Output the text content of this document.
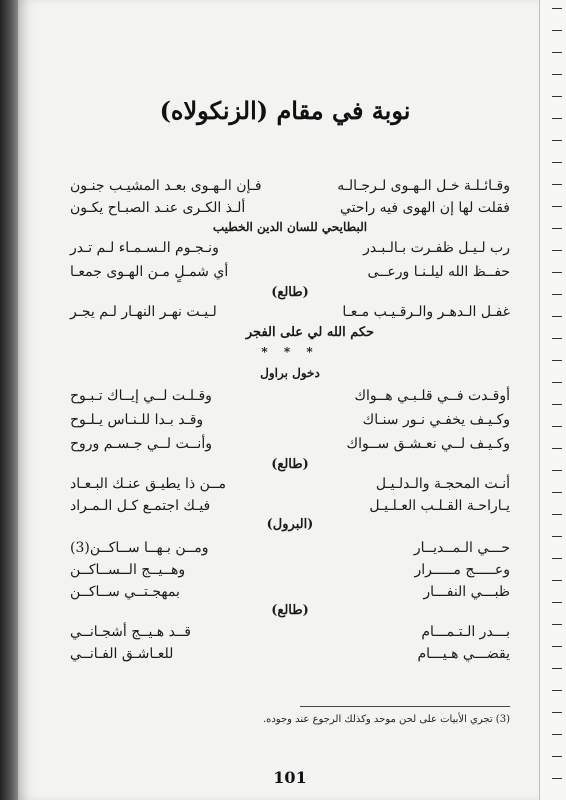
نوبة في مقام (الزنكولاه)
وقـائـلـة خـل الـهـوى لـرجـالـه
فـإن الـهـوى بعـد المشيـب جنـون
فقلت لها إن الهوى فيه راحتي
ألـذ الكـرى عنـد الصبـاح يكـون
البطايحي للسان الدين الخطيب
رب لـيـل ظفـرت بـالـبـدر
ونـجـوم الـسـمـاء لـم تـدر
حفــظ الله ليلـنـا ورعــى
أي شمـلٍ مـن الهـوى جمعـا
(طالع)
غفـل الـدهـر والـرقـيـب مـعـا
لـيـت نهـر النهـار لـم يجـر
حكم الله لي على الفجر
* * *
دخول براول
أوقـدت فــي قلـبـي هــواك
وقـلـت لــي إيــاك تـبـوح
وكـيـف يخفـي نـور سنـاك
وقـد بـدا للـنـاس يـلـوح
وكـيـف لــي نعـشـق ســواك
وأنــت لــي جـسـم وروح
(طالع)
أنـت المحجـة والـدلـيـل
مــن ذا يطيـق عنـك البـعـاد
يـاراحـة القـلـب العـلـيـل
فيـك اجتمـع كـل الـمـراد
(البرول)
حـــي الـمــديــار
ومــن بـهــا ســاكــن(3)
وعـــــج مـــــرار
وهــيــج الــســاكــن
ظبـــي النفـــار
بمهجـتــي ســاكــن
(طالع)
بـــدر الـتـمـــام
قــد هـيــج أشجـانــي
يقضـــي هـيـــام
للعـاشـق الفـانــي
(3) تجري الأبيات على لحن موحد وكذلك الرجوع عند وجوده.
101
